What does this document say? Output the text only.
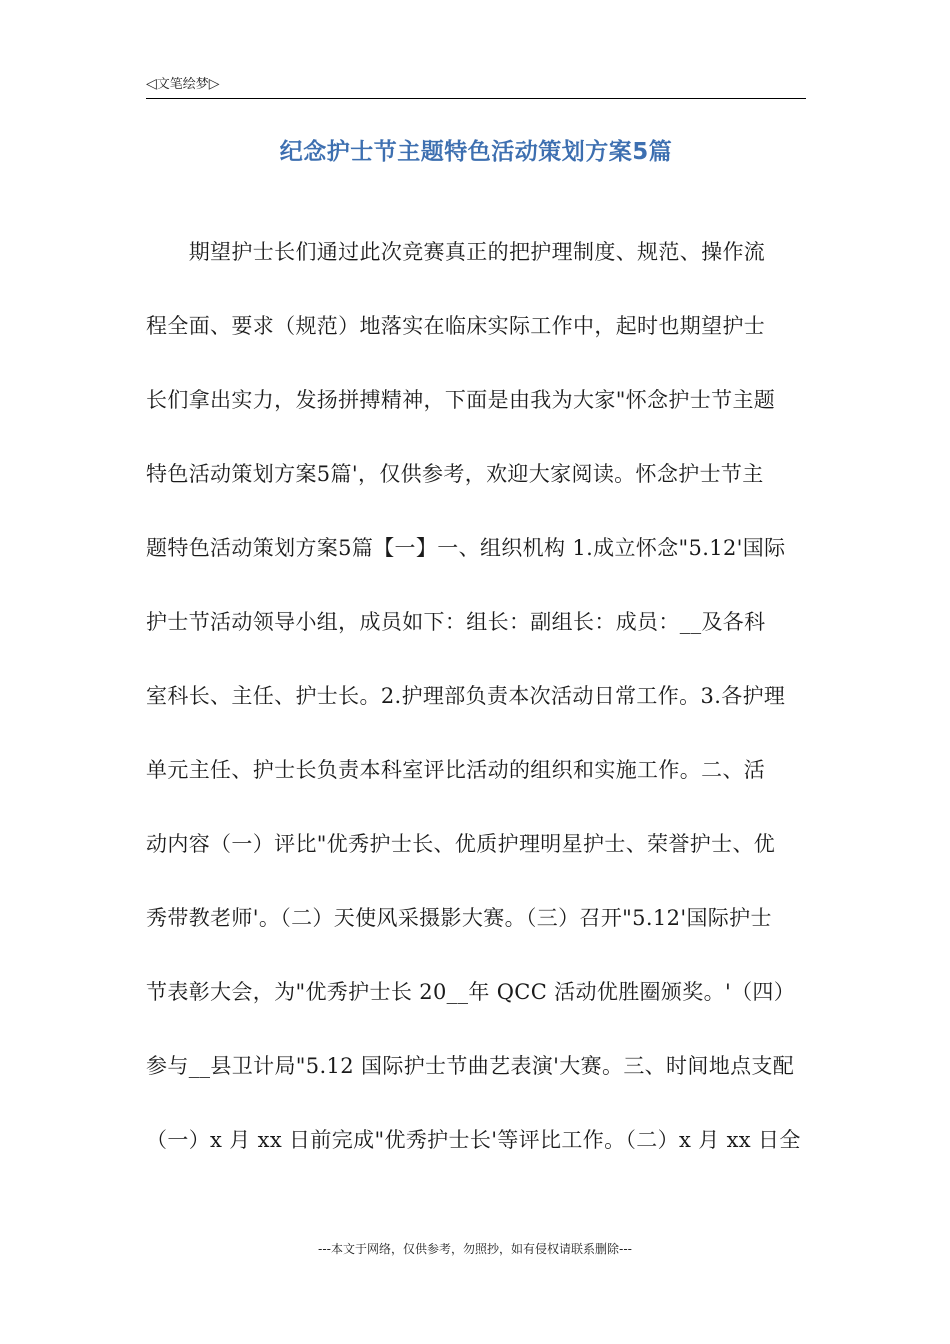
◁文笔绘梦▷
纪念护士节主题特色活动策划方案5篇
　　期望护士长们通过此次竞赛真正的把护理制度、规范、操作流
程全面、要求（规范）地落实在临床实际工作中，起时也期望护士
长们拿出实力，发扬拼搏精神，下面是由我为大家"怀念护士节主题
特色活动策划方案5篇'，仅供参考，欢迎大家阅读。怀念护士节主
题特色活动策划方案5篇【一】一、组织机构 1.成立怀念"5.12'国际
护士节活动领导小组，成员如下：组长：副组长：成员：__及各科
室科长、主任、护士长。2.护理部负责本次活动日常工作。3.各护理
单元主任、护士长负责本科室评比活动的组织和实施工作。二、活
动内容（一）评比"优秀护士长、优质护理明星护士、荣誉护士、优
秀带教老师'。（二）天使风采摄影大赛。（三）召开"5.12'国际护士
节表彰大会，为"优秀护士长 20__年 QCC 活动优胜圈颁奖。'（四）
参与__县卫计局"5.12 国际护士节曲艺表演'大赛。三、时间地点支配
（一）x 月 xx 日前完成"优秀护士长'等评比工作。（二）x 月 xx 日全
---本文于网络，仅供参考，勿照抄，如有侵权请联系删除---
